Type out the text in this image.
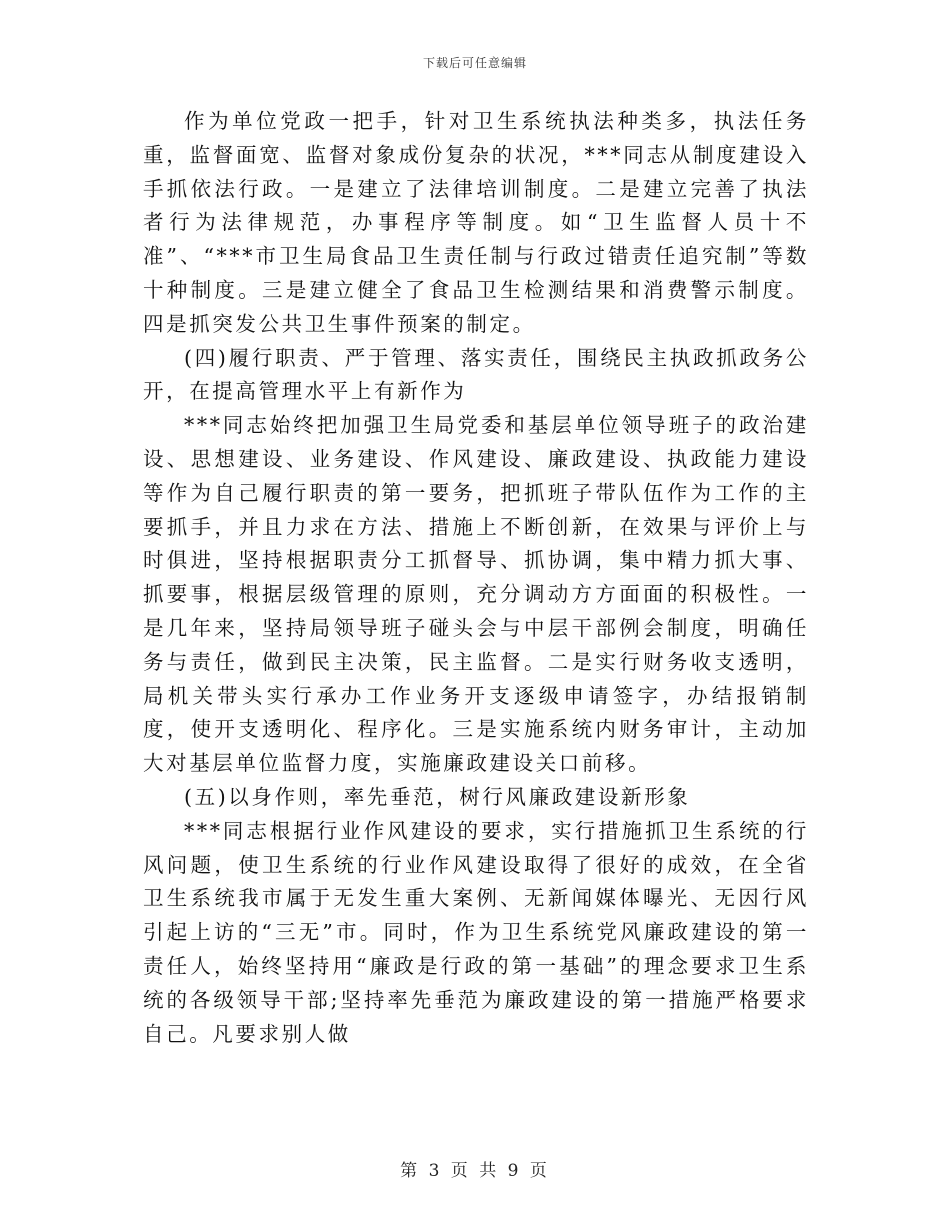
下载后可任意编辑

作为单位党政一把手，针对卫生系统执法种类多，执法任务重，监督面宽、监督对象成份复杂的状况，***同志从制度建设入手抓依法行政。一是建立了法律培训制度。二是建立完善了执法者行为法律规范，办事程序等制度。如“卫生监督人员十不准”、“***市卫生局食品卫生责任制与行政过错责任追究制”等数十种制度。三是建立健全了食品卫生检测结果和消费警示制度。四是抓突发公共卫生事件预案的制定。

(四)履行职责、严于管理、落实责任，围绕民主执政抓政务公开，在提高管理水平上有新作为

***同志始终把加强卫生局党委和基层单位领导班子的政治建设、思想建设、业务建设、作风建设、廉政建设、执政能力建设等作为自己履行职责的第一要务，把抓班子带队伍作为工作的主要抓手，并且力求在方法、措施上不断创新，在效果与评价上与时俱进，坚持根据职责分工抓督导、抓协调，集中精力抓大事、抓要事，根据层级管理的原则，充分调动方方面面的积极性。一是几年来，坚持局领导班子碰头会与中层干部例会制度，明确任务与责任，做到民主决策，民主监督。二是实行财务收支透明，局机关带头实行承办工作业务开支逐级申请签字，办结报销制度，使开支透明化、程序化。三是实施系统内财务审计，主动加大对基层单位监督力度，实施廉政建设关口前移。

(五)以身作则，率先垂范，树行风廉政建设新形象

***同志根据行业作风建设的要求，实行措施抓卫生系统的行风问题，使卫生系统的行业作风建设取得了很好的成效，在全省卫生系统我市属于无发生重大案例、无新闻媒体曝光、无因行风引起上访的“三无”市。同时，作为卫生系统党风廉政建设的第一责任人，始终坚持用“廉政是行政的第一基础”的理念要求卫生系统的各级领导干部;坚持率先垂范为廉政建设的第一措施严格要求自己。凡要求别人做

第 3 页 共 9 页
